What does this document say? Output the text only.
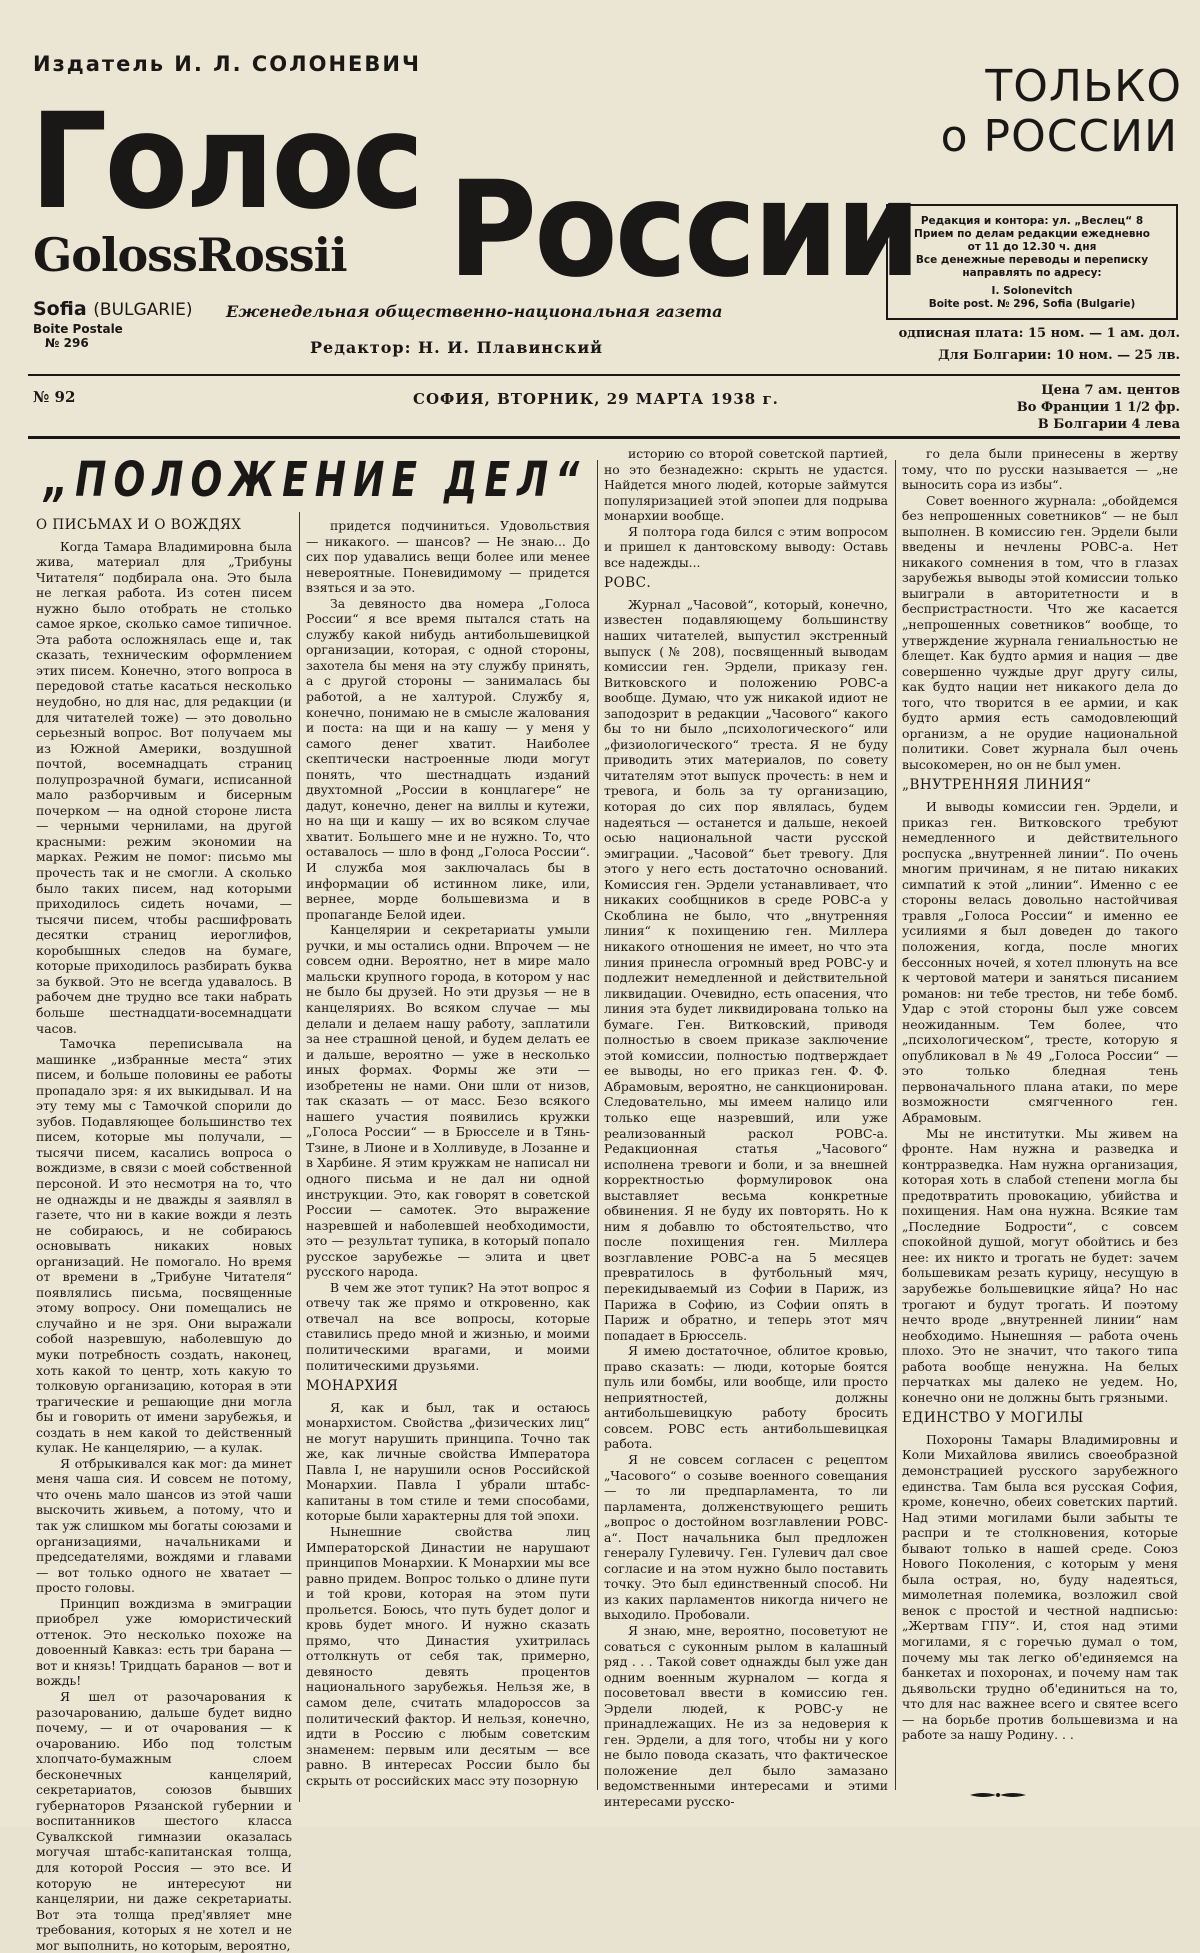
Издатель И. Л. СОЛОНЕВИЧ
Голос
GolossRossii России
ТОЛЬКО
о РОССИИ
Sofia (BULGARIE)
Boite Postale
№ 296
Еженедельная общественно-национальная газета
Редактор: Н. И. Плавинский
Редакция и контора: ул. „Веслец“ 8
Прием по делам редакции ежедневно
от 11 до 12.30 ч. дня
Все денежные переводы и переписку
направлять по адресу:
I. Solonevitch
Boite post. № 296, Sofia (Bulgarie)
одписная плата: 15 ном. — 1 ам. дол.
Для Болгарии: 10 ном. — 25 лв.
№ 92	СОФИЯ, ВТОРНИК, 29 МАРТА 1938 г.	Цена 7 ам. центов
Во Франции 1 1/2 фр.
В Болгарии 4 лева
„ПОЛОЖЕНИЕ ДЕЛ“

О ПИСЬМАХ И О ВОЖДЯХ

Когда Тамара Владимировна была жива, материал для „Трибуны Читателя“ подбирала она. Это была не легкая работа. Из сотен писем нужно было отобрать не столько самое яркое, сколько самое типичное. Эта работа осложнялась еще и, так сказать, техническим оформлением этих писем. Конечно, этого вопроса в передовой статье касаться несколько неудобно, но для нас, для редакции (и для читателей тоже) — это довольно серьезный вопрос. Вот получаем мы из Южной Америки, воздушной почтой, восемнадцать страниц полупрозрачной бумаги, исписанной мало разборчивым и бисерным почерком — на одной стороне листа — черными чернилами, на другой красными: режим экономии на марках. Режим не помог: письмо мы прочесть так и не смогли. А сколько было таких писем, над которыми приходилось сидеть ночами, — тысячи писем, чтобы расшифровать десятки страниц иероглифов, коробышных следов на бумаге, которые приходилось разбирать буква за буквой. Это не всегда удавалось. В рабочем дне трудно все таки набрать больше шестнадцати-восемнадцати часов.

Тамочка переписывала на машинке „избранные места“ этих писем, и больше половины ее работы пропадало зря: я их выкидывал. И на эту тему мы с Тамочкой спорили до зубов. Подавляющее большинство тех писем, которые мы получали, — тысячи писем, касались вопроса о вождизме, в связи с моей собственной персоной. И это несмотря на то, что не однажды и не дважды я заявлял в газете, что ни в какие вожди я лезть не собираюсь, и не собираюсь основывать никаких новых организаций. Не помогало. Но время от времени в „Трибуне Читателя“ появлялись письма, посвященные этому вопросу. Они помещались не случайно и не зря. Они выражали собой назревшую, наболевшую до муки потребность создать, наконец, хоть какой то центр, хоть какую то толковую организацию, которая в эти трагические и решающие дни могла бы и говорить от имени зарубежья, и создать в нем какой то действенный кулак. Не канцелярию, — а кулак.

Я отбрыкивался как мог: да минет меня чаша сия. И совсем не потому, что очень мало шансов из этой чаши выскочить живьем, а потому, что и так уж слишком мы богаты союзами и организациями, начальниками и председателями, вождями и главами — вот только одного не хватает — просто головы.

Принцип вождизма в эмиграции приобрел уже юмористический оттенок. Это несколько похоже на довоенный Кавказ: есть три барана — вот и князь! Тридцать баранов — вот и вождь!

Я шел от разочарования к разочарованию, дальше будет видно почему, — и от очарования — к очарованию. Ибо под толстым хлопчато-бумажным слоем бесконечных канцелярий, секретариатов, союзов бывших губернаторов Рязанской губернии и воспитанников шестого класса Сувалкской гимназии оказалась могучая штабс-капитанская толща, для которой Россия — это все. И которую не интересуют ни канцелярии, ни даже секретариаты. Вот эта толща пред'являет мне требования, которых я не хотел и не мог выполнить, но которым, вероятно,

придется подчиниться. Удовольствия — никакого. — шансов? — Не знаю... До сих пор удавались вещи более или менее невероятные. Поневидимому — придется взяться и за это.

За девяносто два номера „Голоса России“ я все время пытался стать на службу какой нибудь антибольшевицкой организации, которая, с одной стороны, захотела бы меня на эту службу принять, а с другой стороны — занималась бы работой, а не халтурой. Службу я, конечно, понимаю не в смысле жалования и поста: на щи и на кашу — у меня у самого денег хватит. Наиболее скептически настроенные люди могут понять, что шестнадцать изданий двухтомной „России в концлагере“ не дадут, конечно, денег на виллы и кутежи, но на щи и кашу — их во всяком случае хватит. Большего мне и не нужно. То, что оставалось — шло в фонд „Голоса России“. И служба моя заключалась бы в информации об истинном лике, или, вернее, морде большевизма и в пропаганде Белой идеи.

Канцелярии и секретариаты умыли ручки, и мы остались одни. Впрочем — не совсем одни. Вероятно, нет в мире мало мальски крупного города, в котором у нас не было бы друзей. Но эти друзья — не в канцеляриях. Во всяком случае — мы делали и делаем нашу работу, заплатили за нее страшной ценой, и будем делать ее и дальше, вероятно — уже в несколько иных формах. Формы же эти — изобретены не нами. Они шли от низов, так сказать — от масс. Безо всякого нашего участия появились кружки „Голоса России“ — в Брюсселе и в Тянь-Тзине, в Лионе и в Холливуде, в Лозанне и в Харбине. Я этим кружкам не написал ни одного письма и не дал ни одной инструкции. Это, как говорят в советской России — самотек. Это выражение назревшей и наболевшей необходимости, это — результат тупика, в который попало русское зарубежье — элита и цвет русского народа.

В чем же этот тупик? На этот вопрос я отвечу так же прямо и откровенно, как отвечал на все вопросы, которые ставились предо мной и жизнью, и моими политическими врагами, и моими политическими друзьями.

МОНАРХИЯ

Я, как и был, так и остаюсь монархистом. Свойства „физических лиц“ не могут нарушить принципа. Точно так же, как личные свойства Императора Павла I, не нарушили основ Российской Монархии. Павла I убрали штабс-капитаны в том стиле и теми способами, которые были характерны для той эпохи.

Нынешние свойства лиц Императорской Династии не нарушают принципов Монархии. К Монархии мы все равно придем. Вопрос только о длине пути и той крови, которая на этом пути прольется. Боюсь, что путь будет долог и кровь будет много. И нужно сказать прямо, что Династия ухитрилась оттолкнуть от себя так, примерно, девяносто девять процентов национального зарубежья. Нельзя же, в самом деле, считать младороссов за политический фактор. И нельзя, конечно, идти в Россию с любым советским знаменем: первым или десятым — все равно. В интересах России было бы скрыть от российских масс эту позорную

историю со второй советской партией, но это безнадежно: скрыть не удастся. Найдется много людей, которые займутся популяризацией этой эпопеи для подрыва монархии вообще.

Я полтора года бился с этим вопросом и пришел к дантовскому выводу: Оставь все надежды...

РОВС.

Журнал „Часовой“, который, конечно, известен подавляющему большинству наших читателей, выпустил экстренный выпуск (№ 208), посвященный выводам комиссии ген. Эрдели, приказу ген. Витковского и положению РОВС-а вообще. Думаю, что уж никакой идиот не заподозрит в редакции „Часового“ какого бы то ни было „психологического“ или „физиологического“ треста. Я не буду приводить этих материалов, по совету читателям этот выпуск прочесть: в нем и тревога, и боль за ту организацию, которая до сих пор являлась, будем надеяться — останется и дальше, некоей осью национальной части русской эмиграции. „Часовой“ бьет тревогу. Для этого у него есть достаточно оснований. Комиссия ген. Эрдели устанавливает, что никаких сообщников в среде РОВС-а у Скоблина не было, что „внутренняя линия“ к похищению ген. Миллера никакого отношения не имеет, но что эта линия принесла огромный вред РОВС-у и подлежит немедленной и действительной ликвидации. Очевидно, есть опасения, что линия эта будет ликвидирована только на бумаге. Ген. Витковский, приводя полностью в своем приказе заключение этой комиссии, полностью подтверждает ее выводы, но его приказ ген. Ф. Ф. Абрамовым, вероятно, не санкционирован. Следовательно, мы имеем налицо или только еще назревший, или уже реализованный раскол РОВС-а. Редакционная статья „Часового“ исполнена тревоги и боли, и за внешней корректностью формулировок она выставляет весьма конкретные обвинения. Я не буду их повторять. Но к ним я добавлю то обстоятельство, что после похищения ген. Миллера возглавление РОВС-а на 5 месяцев превратилось в футбольный мяч, перекидываемый из Софии в Париж, из Парижа в Софию, из Софии опять в Париж и обратно, и теперь этот мяч попадает в Брюссель.

Я имею достаточное, облитое кровью, право сказать: — люди, которые боятся пуль или бомбы, или вообще, или просто неприятностей, должны антибольшевицкую работу бросить совсем. РОВС есть антибольшевицкая работа.

Я не совсем согласен с рецептом „Часового“ о созыве военного совещания — то ли предпарламента, то ли парламента, долженствующего решить „вопрос о достойном возглавлении РОВС-а“. Пост начальника был предложен генералу Гулевичу. Ген. Гулевич дал свое согласие и на этом нужно было поставить точку. Это был единственный способ. Ни из каких парламентов никогда ничего не выходило. Пробовали.

Я знаю, мне, вероятно, посоветуют не соваться с суконным рылом в калашный ряд . . . Такой совет однажды был уже дан одним военным журналом — когда я посоветовал ввести в комиссию ген. Эрдели людей, к РОВС-у не принадлежащих. Не из за недоверия к ген. Эрдели, а для того, чтобы ни у кого не было повода сказать, что фактическое положение дел было замазано ведомственными интересами и этими интересами русско-

го дела были принесены в жертву тому, что по русски называется — „не выносить сора из избы“.

Совет военного журнала: „обойдемся без непрошенных советников“ — не был выполнен. В комиссию ген. Эрдели были введены и нечлены РОВС-а. Нет никакого сомнения в том, что в глазах зарубежья выводы этой комиссии только выиграли в авторитетности и в беспристрастности. Что же касается „непрошенных советников“ вообще, то утверждение журнала гениальностью не блещет. Как будто армия и нация — две совершенно чуждые друг другу силы, как будто нации нет никакого дела до того, что творится в ее армии, и как будто армия есть самодовлеющий организм, а не орудие национальной политики. Совет журнала был очень высокомерен, но он не был умен.

„ВНУТРЕННЯЯ ЛИНИЯ“

И выводы комиссии ген. Эрдели, и приказ ген. Витковского требуют немедленного и действительного роспуска „внутренней линии“. По очень многим причинам, я не питаю никаких симпатий к этой „линии“. Именно с ее стороны велась довольно настойчивая травля „Голоса России“ и именно ее усилиями я был доведен до такого положения, когда, после многих бессонных ночей, я хотел плюнуть на все к чертовой матери и заняться писанием романов: ни тебе трестов, ни тебе бомб. Удар с этой стороны был уже совсем неожиданным. Тем более, что „психологическом“, тресте, которую я опубликовал в № 49 „Голоса России“ — это только бледная тень первоначального плана атаки, по мере возможности смягченного ген. Абрамовым.

Мы не институтки. Мы живем на фронте. Нам нужна и разведка и контрразведка. Нам нужна организация, которая хоть в слабой степени могла бы предотвратить провокацию, убийства и похищения. Нам она нужна. Всякие там „Последние Бодрости“, с совсем спокойной душой, могут обойтись и без нее: их никто и трогать не будет: зачем большевикам резать курицу, несущую в зарубежье большевицкие яйца? Но нас трогают и будут трогать. И поэтому нечто вроде „внутренней линии“ нам необходимо. Нынешняя — работа очень плохо. Это не значит, что такого типа работа вообще ненужна. На белых перчатках мы далеко не уедем. Но, конечно они не должны быть грязными.

ЕДИНСТВО У МОГИЛЫ

Похороны Тамары Владимировны и Коли Михайлова явились своеобразной демонстрацией русского зарубежного единства. Там была вся русская София, кроме, конечно, обеих советских партий. Над этими могилами были забыты те распри и те столкновения, которые бывают только в нашей среде. Союз Нового Поколения, с которым у меня была острая, но, буду надеяться, мимолетная полемика, возложил свой венок с простой и честной надписью: „Жертвам ГПУ“. И, стоя над этими могилами, я с горечью думал о том, почему мы так легко об'единяемся на банкетах и похоронах, и почему нам так дьявольски трудно об'единиться на то, что для нас важнее всего и святее всего — на борьбе против большевизма и на работе за нашу Родину. . .
